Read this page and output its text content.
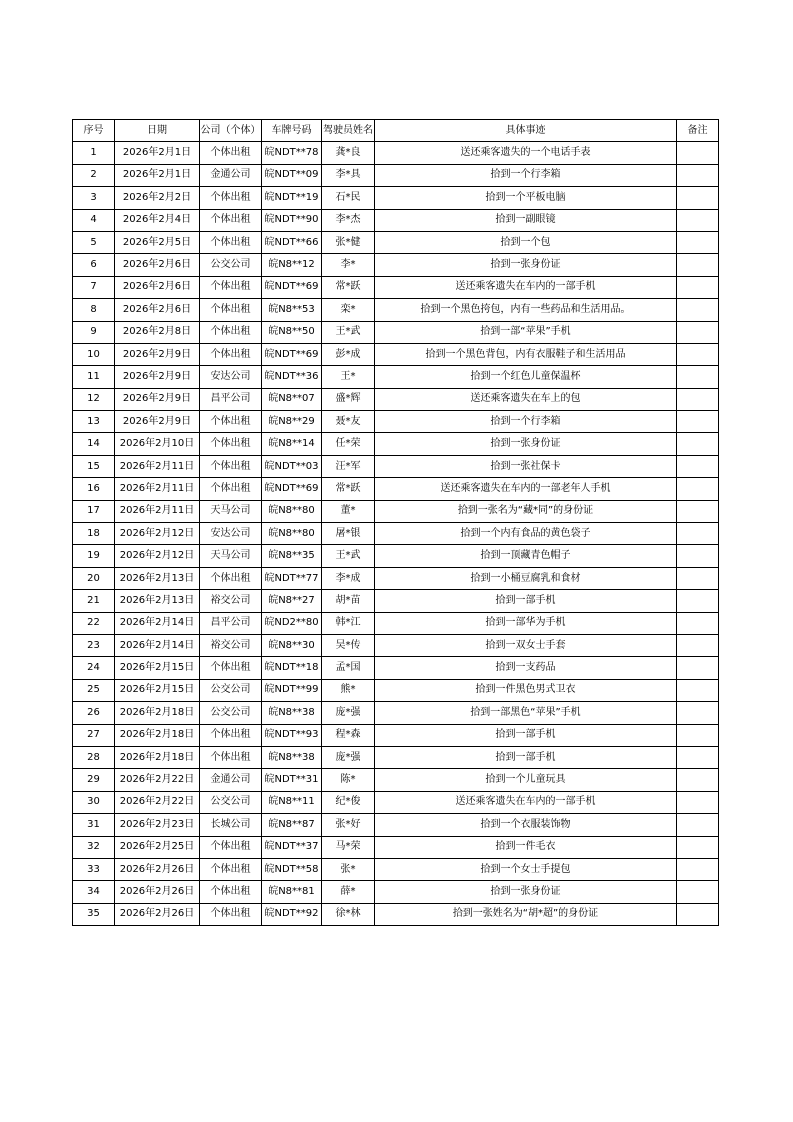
序号	日期	公司（个体）	车牌号码	驾驶员姓名	具体事迹	备注
1	2026年2月1日	个体出租	皖NDT**78	龚*良	送还乘客遗失的一个电话手表	
2	2026年2月1日	金通公司	皖NDT**09	李*具	拾到一个行李箱	
3	2026年2月2日	个体出租	皖NDT**19	石*民	拾到一个平板电脑	
4	2026年2月4日	个体出租	皖NDT**90	李*杰	拾到一副眼镜	
5	2026年2月5日	个体出租	皖NDT**66	张*健	拾到一个包	
6	2026年2月6日	公交公司	皖N8**12	李*	拾到一张身份证	
7	2026年2月6日	个体出租	皖NDT**69	常*跃	送还乘客遗失在车内的一部手机	
8	2026年2月6日	个体出租	皖N8**53	栾*	拾到一个黑色挎包，内有一些药品和生活用品。	
9	2026年2月8日	个体出租	皖N8**50	王*武	拾到一部“苹果”手机	
10	2026年2月9日	个体出租	皖NDT**69	彭*成	拾到一个黑色背包，内有衣服鞋子和生活用品	
11	2026年2月9日	安达公司	皖NDT**36	王*	拾到一个红色儿童保温杯	
12	2026年2月9日	昌平公司	皖N8**07	盛*辉	送还乘客遗失在车上的包	
13	2026年2月9日	个体出租	皖N8**29	聂*友	拾到一个行李箱	
14	2026年2月10日	个体出租	皖N8**14	任*荣	拾到一张身份证	
15	2026年2月11日	个体出租	皖NDT**03	汪*军	拾到一张社保卡	
16	2026年2月11日	个体出租	皖NDT**69	常*跃	送还乘客遗失在车内的一部老年人手机	
17	2026年2月11日	天马公司	皖N8**80	董*	拾到一张名为“藏*同”的身份证	
18	2026年2月12日	安达公司	皖N8**80	屠*银	拾到一个内有食品的黄色袋子	
19	2026年2月12日	天马公司	皖N8**35	王*武	拾到一顶藏青色帽子	
20	2026年2月13日	个体出租	皖NDT**77	李*成	拾到一小桶豆腐乳和食材	
21	2026年2月13日	裕交公司	皖N8**27	胡*苗	拾到一部手机	
22	2026年2月14日	昌平公司	皖ND2**80	韩*江	拾到一部华为手机	
23	2026年2月14日	裕交公司	皖N8**30	吴*传	拾到一双女士手套	
24	2026年2月15日	个体出租	皖NDT**18	孟*国	拾到一支药品	
25	2026年2月15日	公交公司	皖NDT**99	熊*	拾到一件黑色男式卫衣	
26	2026年2月18日	公交公司	皖N8**38	庞*强	拾到一部黑色“苹果”手机	
27	2026年2月18日	个体出租	皖NDT**93	程*森	拾到一部手机	
28	2026年2月18日	个体出租	皖N8**38	庞*强	拾到一部手机	
29	2026年2月22日	金通公司	皖NDT**31	陈*	拾到一个儿童玩具	
30	2026年2月22日	公交公司	皖N8**11	纪*俊	送还乘客遗失在车内的一部手机	
31	2026年2月23日	长城公司	皖N8**87	张*好	拾到一个衣服装饰物	
32	2026年2月25日	个体出租	皖NDT**37	马*荣	拾到一件毛衣	
33	2026年2月26日	个体出租	皖NDT**58	张*	拾到一个女士手提包	
34	2026年2月26日	个体出租	皖N8**81	薛*	拾到一张身份证	
35	2026年2月26日	个体出租	皖NDT**92	徐*林	拾到一张姓名为“胡*超”的身份证	
